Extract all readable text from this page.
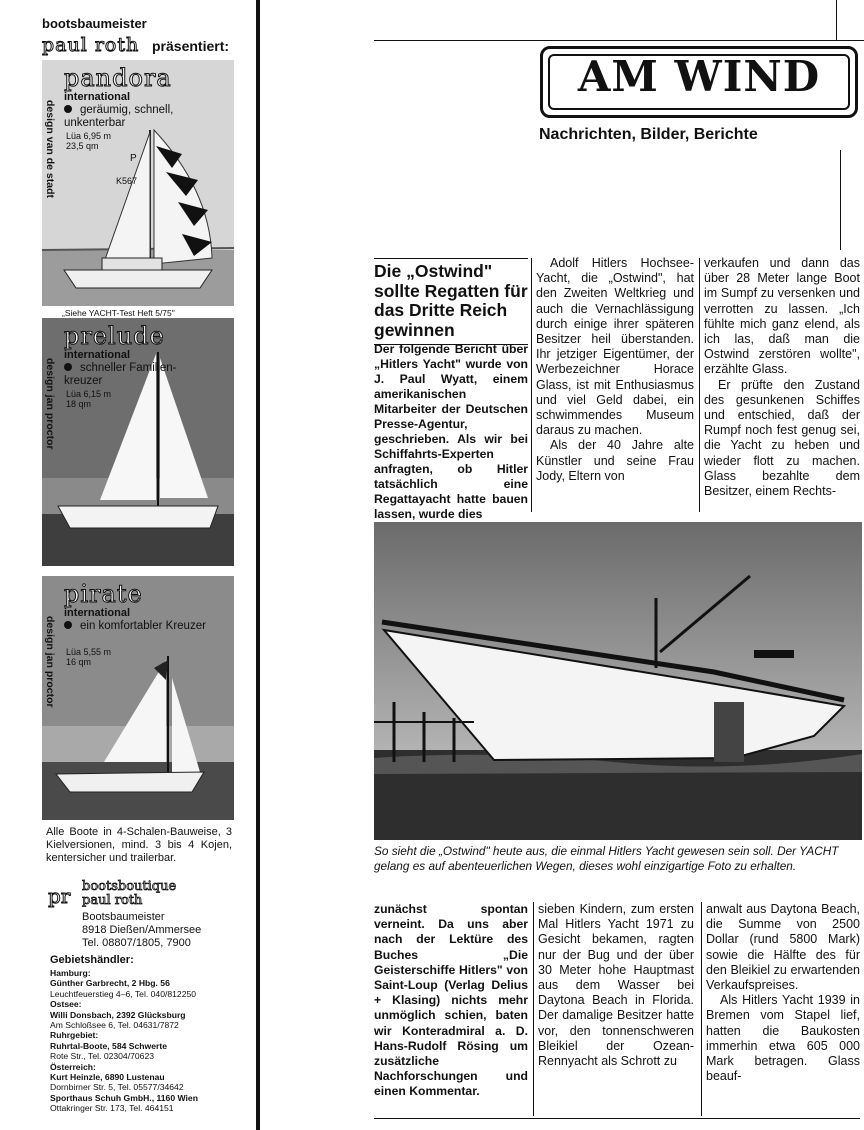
bootsbaumeister
paul roth präsentiert:
pandora
international
geräumig, schnell, unkenterbar
Lüa 6,95 m
23,5 qm
design van de stadt	P
K567
„Siehe YACHT-Test Heft 5/75"
prelude
international
schneller Familien-kreuzer
Lüa 6,15 m
18 qm
design jan proctor
pirate
international
ein komfortabler Kreuzer
Lüa 5,55 m
16 qm
design jan proctor
Alle Boote in 4-Schalen-Bauweise, 3 Kielversionen, mind. 3 bis 4 Kojen, kentersicher und trailerbar.
pr bootsboutique
paul roth
Bootsbaumeister
8918 Dießen/Ammersee
Tel. 08807/1805, 7900
Gebietshändler:
Hamburg:
Günther Garbrecht, 2 Hbg. 56
Leuchtfeuerstieg 4–6, Tel. 040/812250
Ostsee:
Willi Donsbach, 2392 Glücksburg
Am Schloßsee 6, Tel. 04631/7872
Ruhrgebiet:
Ruhrtal-Boote, 584 Schwerte
Rote Str., Tel. 02304/70623
Österreich:
Kurt Heinzle, 6890 Lustenau
Dornbirner Str. 5, Tel. 05577/34642
Sporthaus Schuh GmbH., 1160 Wien
Ottakringer Str. 173, Tel. 464151
AM WIND
Nachrichten, Bilder, Berichte
Die „Ostwind" sollte Regatten für das Dritte Reich gewinnen
Der folgende Bericht über „Hitlers Yacht" wurde von J. Paul Wyatt, einem amerikanischen Mitarbeiter der Deutschen Presse-Agentur, geschrieben. Als wir bei Schiffahrts-Experten anfragten, ob Hitler tatsächlich eine Regattayacht hatte bauen lassen, wurde dies

Adolf Hitlers Hochsee-Yacht, die „Ostwind", hat den Zweiten Weltkrieg und auch die Vernachlässigung durch einige ihrer späteren Besitzer heil überstanden. Ihr jetziger Eigentümer, der Werbezeichner Horace Glass, ist mit Enthusiasmus und viel Geld dabei, ein schwimmendes Museum daraus zu machen.

Als der 40 Jahre alte Künstler und seine Frau Jody, Eltern von

verkaufen und dann das über 28 Meter lange Boot im Sumpf zu versenken und verrotten zu lassen. „Ich fühlte mich ganz elend, als ich las, daß man die Ostwind zerstören wollte", erzählte Glass.

Er prüfte den Zustand des gesunkenen Schiffes und entschied, daß der Rumpf noch fest genug sei, die Yacht zu heben und wieder flott zu machen. Glass bezahlte dem Besitzer, einem Rechts-

So sieht die „Ostwind" heute aus, die einmal Hitlers Yacht gewesen sein soll. Der YACHT gelang es auf abenteuerlichen Wegen, dieses wohl einzigartige Foto zu erhalten.
zunächst spontan verneint. Da uns aber nach der Lektüre des Buches „Die Geisterschiffe Hitlers" von Saint-Loup (Verlag Delius + Klasing) nichts mehr unmöglich schien, baten wir Konteradmiral a. D. Hans-Rudolf Rösing um zusätzliche Nachforschungen und einen Kommentar.
sieben Kindern, zum ersten Mal Hitlers Yacht 1971 zu Gesicht bekamen, ragten nur der Bug und der über 30 Meter hohe Hauptmast aus dem Wasser bei Daytona Beach in Florida. Der damalige Besitzer hatte vor, den tonnenschweren Bleikiel der Ozean-Rennyacht als Schrott zu

anwalt aus Daytona Beach, die Summe von 2500 Dollar (rund 5800 Mark) sowie die Hälfte des für den Bleikiel zu erwartenden Verkaufspreises.

Als Hitlers Yacht 1939 in Bremen vom Stapel lief, hatten die Baukosten immerhin etwa 605 000 Mark betragen. Glass beauf-
